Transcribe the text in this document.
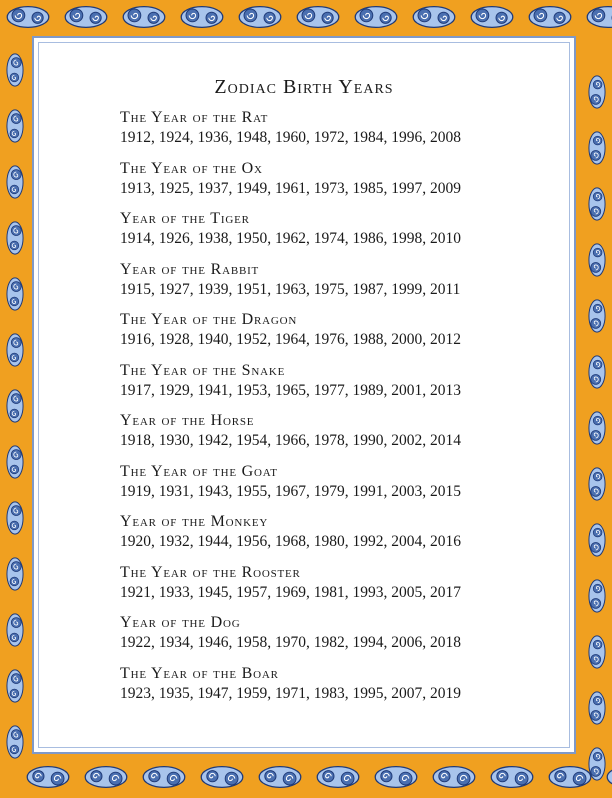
Zodiac Birth Years
The Year of the Rat
1912, 1924, 1936, 1948, 1960, 1972, 1984, 1996, 2008
The Year of the Ox
1913, 1925, 1937, 1949, 1961, 1973, 1985, 1997, 2009
Year of the Tiger
1914, 1926, 1938, 1950, 1962, 1974, 1986, 1998, 2010
Year of the Rabbit
1915, 1927, 1939, 1951, 1963, 1975, 1987, 1999, 2011
The Year of the Dragon
1916, 1928, 1940, 1952, 1964, 1976, 1988, 2000, 2012
The Year of the Snake
1917, 1929, 1941, 1953, 1965, 1977, 1989, 2001, 2013
Year of the Horse
1918, 1930, 1942, 1954, 1966, 1978, 1990, 2002, 2014
The Year of the Goat
1919, 1931, 1943, 1955, 1967, 1979, 1991, 2003, 2015
Year of the Monkey
1920, 1932, 1944, 1956, 1968, 1980, 1992, 2004, 2016
The Year of the Rooster
1921, 1933, 1945, 1957, 1969, 1981, 1993, 2005, 2017
Year of the Dog
1922, 1934, 1946, 1958, 1970, 1982, 1994, 2006, 2018
The Year of the Boar
1923, 1935, 1947, 1959, 1971, 1983, 1995, 2007, 2019
